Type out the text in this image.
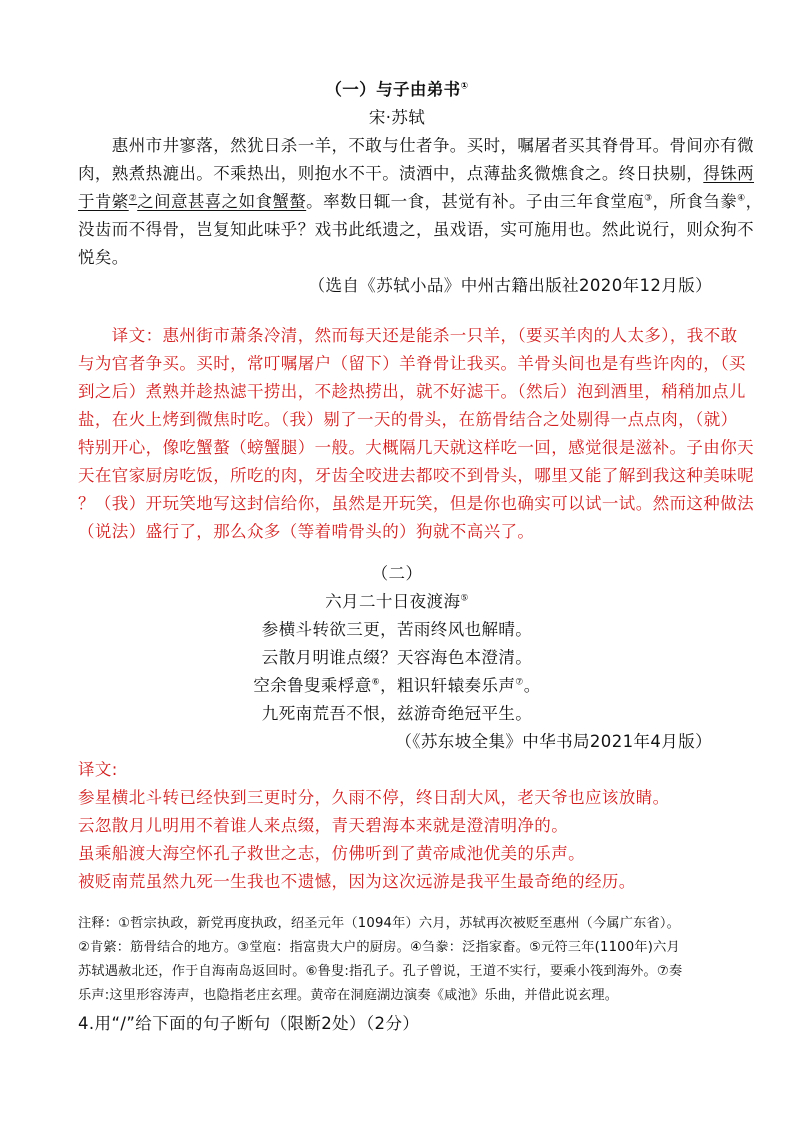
（一）与子由弟书①
宋·苏轼
　　惠州市井寥落，然犹日杀一羊，不敢与仕者争。买时，嘱屠者买其脊骨耳。骨间亦有微
肉，熟煮热漉出。不乘热出，则抱水不干。渍酒中，点薄盐炙微燋食之。终日抉剔，得铢两
于肯綮②之间意甚喜之如食蟹螯。率数日辄一食，甚觉有补。子由三年食堂庖③，所食刍豢④，
没齿而不得骨，岂复知此味乎？戏书此纸遗之，虽戏语，实可施用也。然此说行，则众狗不
悦矣。
（选自《苏轼小品》中州古籍出版社2020年12月版）
　　译文：惠州街市萧条冷清，然而每天还是能杀一只羊，（要买羊肉的人太多），我不敢
与为官者争买。买时，常叮嘱屠户（留下）羊脊骨让我买。羊骨头间也是有些许肉的，（买
到之后）煮熟并趁热滤干捞出，不趁热捞出，就不好滤干。（然后）泡到酒里，稍稍加点儿
盐，在火上烤到微焦时吃。（我）剔了一天的骨头，在筋骨结合之处剔得一点点肉，（就）
特别开心，像吃蟹螯（螃蟹腿）一般。大概隔几天就这样吃一回，感觉很是滋补。子由你天
天在官家厨房吃饭，所吃的肉，牙齿全咬进去都咬不到骨头，哪里又能了解到我这种美味呢
？（我）开玩笑地写这封信给你，虽然是开玩笑，但是你也确实可以试一试。然而这种做法
（说法）盛行了，那么众多（等着啃骨头的）狗就不高兴了。
（二）
六月二十日夜渡海⑤
参横斗转欲三更，苦雨终风也解晴。
云散月明谁点缀？天容海色本澄清。
空余鲁叟乘桴意⑥，粗识轩辕奏乐声⑦。
九死南荒吾不恨，兹游奇绝冠平生。
（《苏东坡全集》中华书局2021年4月版）
译文:
参星横北斗转已经快到三更时分，久雨不停，终日刮大风，老天爷也应该放睛。
云忽散月儿明用不着谁人来点缀，青天碧海本来就是澄清明净的。
虽乘船渡大海空怀孔子救世之志，仿佛听到了黄帝咸池优美的乐声。
被贬南荒虽然九死一生我也不遗憾，因为这次远游是我平生最奇绝的经历。
注释：①哲宗执政，新党再度执政，绍圣元年（1094年）六月，苏轼再次被贬至惠州（今属广东省）。
②肯綮：筋骨结合的地方。③堂庖：指富贵大户的厨房。④刍豢：泛指家畜。⑤元符三年(1100年)六月
苏轼遇赦北还，作于自海南岛返回时。⑥鲁叟:指孔子。孔子曾说，王道不实行，要乘小筏到海外。⑦奏
乐声:这里形容涛声，也隐指老庄玄理。黄帝在洞庭湖边演奏《咸池》乐曲，并借此说玄理。
4.用“/”给下面的句子断句（限断2处）（2分）
